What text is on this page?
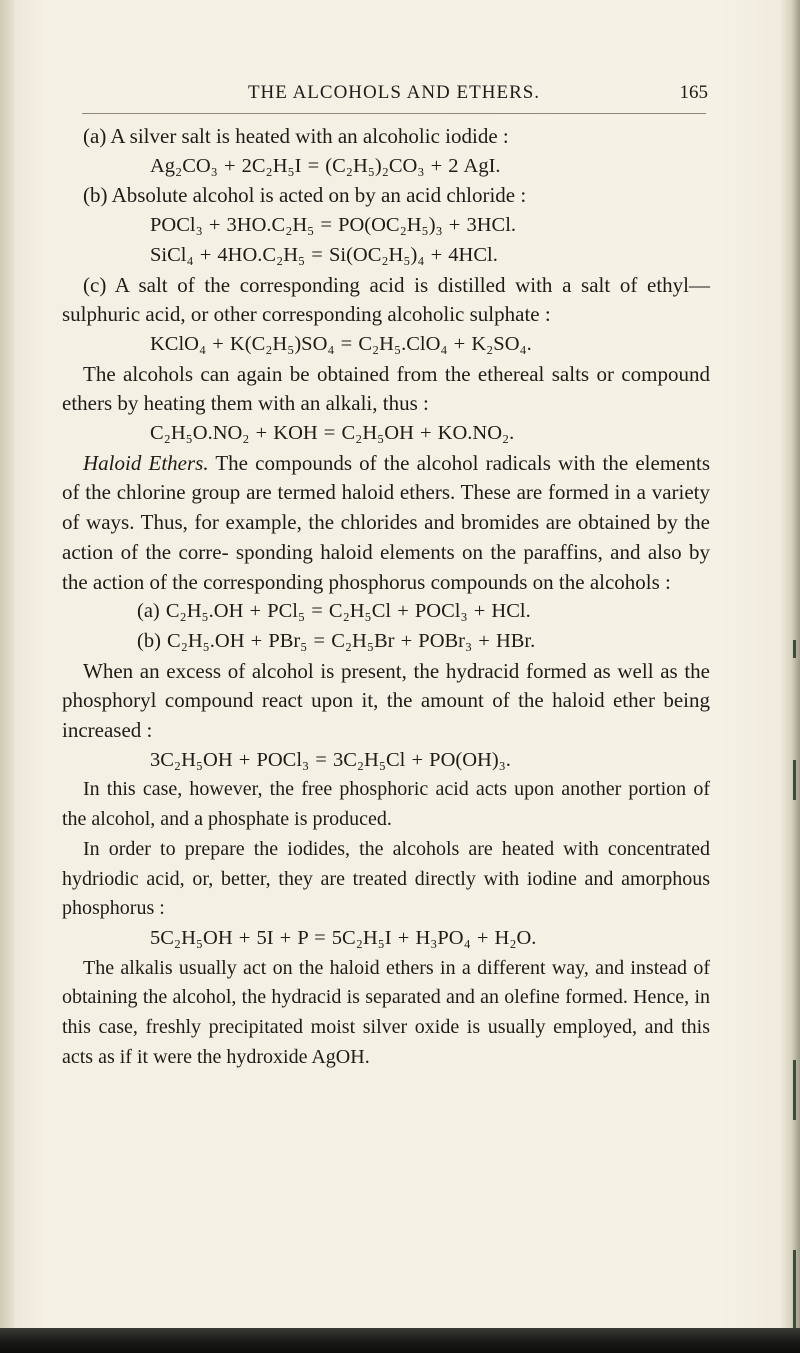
THE ALCOHOLS AND ETHERS.	165

(a) A silver salt is heated with an alcoholic iodide :

Ag₂CO₃ + 2C₂H₅I = (C₂H₅)₂CO₃ + 2 AgI.

(b) Absolute alcohol is acted on by an acid chloride :

POCl₃ + 3HO.C₂H₅ = PO(OC₂H₅)₃ + 3HCl.

SiCl₄ + 4HO.C₂H₅ = Si(OC₂H₅)₄ + 4HCl.

(c) A salt of the corresponding acid is distilled with a salt of ethyl—sulphuric acid, or other corresponding alcoholic sulphate :

KClO₄ + K(C₂H₅)SO₄ = C₂H₅.ClO₄ + K₂SO₄.

The alcohols can again be obtained from the ethereal salts or compound ethers by heating them with an alkali, thus :

C₂H₅O.NO₂ + KOH = C₂H₅OH + KO.NO₂.

Haloid Ethers. The compounds of the alcohol radicals with the elements of the chlorine group are termed haloid ethers. These are formed in a variety of ways. Thus, for example, the chlorides and bromides are obtained by the action of the corre- sponding haloid elements on the paraffins, and also by the action of the corresponding phosphorus compounds on the alcohols :

(a) C₂H₅.OH + PCl₅ = C₂H₅Cl + POCl₃ + HCl.

(b) C₂H₅.OH + PBr₅ = C₂H₅Br + POBr₃ + HBr.

When an excess of alcohol is present, the hydracid formed as well as the phosphoryl compound react upon it, the amount of the haloid ether being increased :

3C₂H₅OH + POCl₃ = 3C₂H₅Cl + PO(OH)₃.

In this case, however, the free phosphoric acid acts upon another portion of the alcohol, and a phosphate is produced.

In order to prepare the iodides, the alcohols are heated with concentrated hydriodic acid, or, better, they are treated directly with iodine and amorphous phosphorus :

5C₂H₅OH + 5I + P = 5C₂H₅I + H₃PO₄ + H₂O.

The alkalis usually act on the haloid ethers in a different way, and instead of obtaining the alcohol, the hydracid is separated and an olefine formed. Hence, in this case, freshly precipitated moist silver oxide is usually employed, and this acts as if it were the hydroxide AgOH.
